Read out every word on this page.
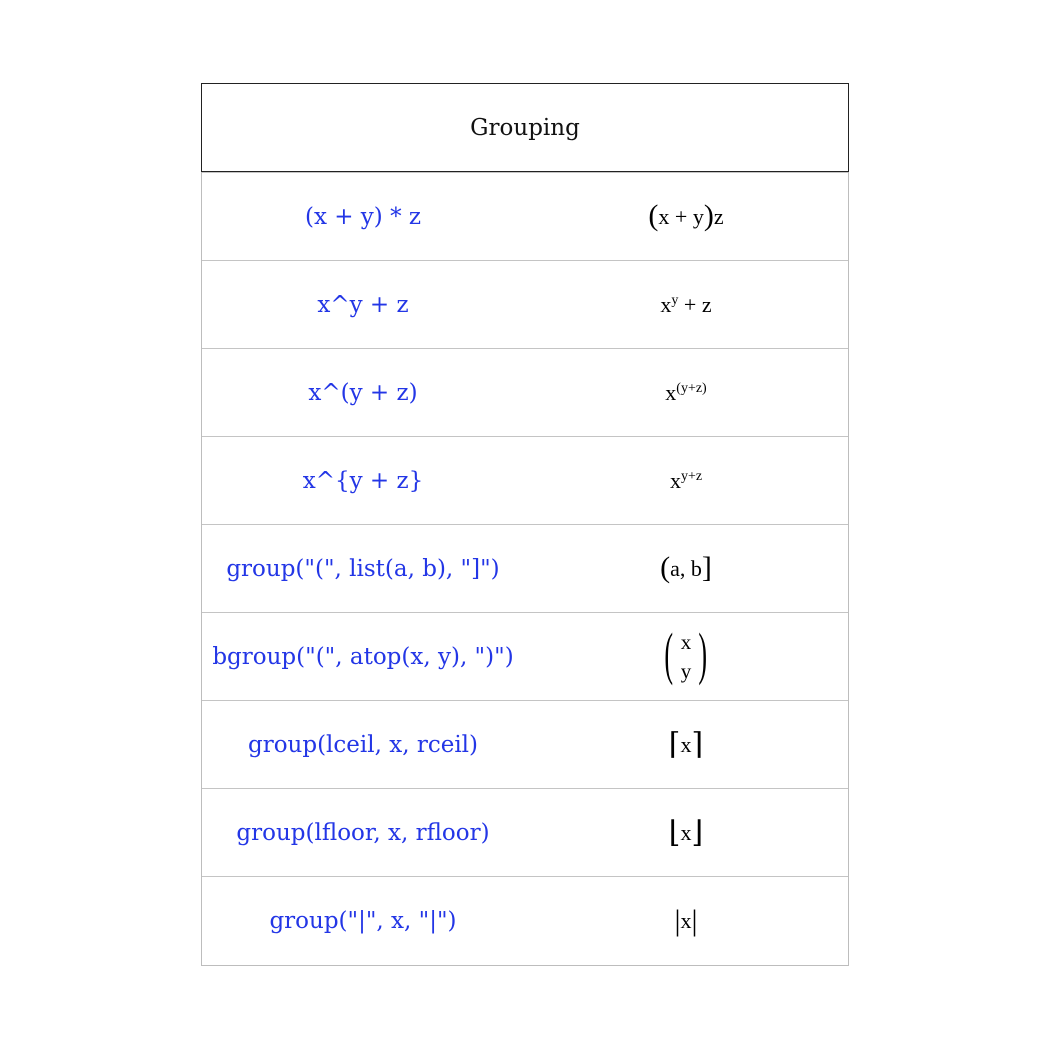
Grouping
(x + y) * z	( x + y ) z
x^y + z	$x^y + z$
x^(y + z)	$x^{(y+z)}$
x^{y + z}	$x^{y+z}$
group("(", list(a, b), "]")	( a, b ]
bgroup("(", atop(x, y), ")")	( x
y )
group(lceil, x, rceil)	⌈ x ⌉
group(lfloor, x, rfloor)	⌊ x ⌋
group("|", x, "|")	| x |
